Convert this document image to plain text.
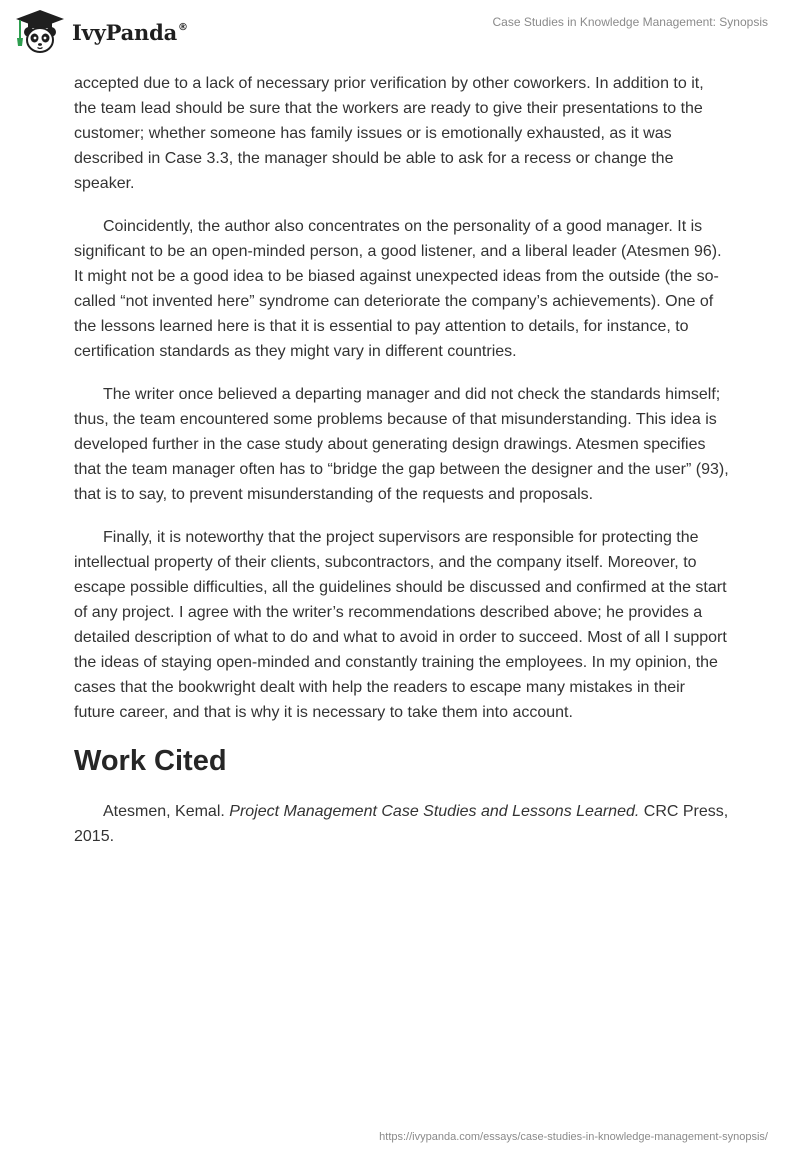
IvyPanda®	Case Studies in Knowledge Management: Synopsis

accepted due to a lack of necessary prior verification by other coworkers. In addition to it, the team lead should be sure that the workers are ready to give their presentations to the customer; whether someone has family issues or is emotionally exhausted, as it was described in Case 3.3, the manager should be able to ask for a recess or change the speaker.

Coincidently, the author also concentrates on the personality of a good manager. It is significant to be an open-minded person, a good listener, and a liberal leader (Atesmen 96). It might not be a good idea to be biased against unexpected ideas from the outside (the so-called “not invented here” syndrome can deteriorate the company’s achievements). One of the lessons learned here is that it is essential to pay attention to details, for instance, to certification standards as they might vary in different countries.

The writer once believed a departing manager and did not check the standards himself; thus, the team encountered some problems because of that misunderstanding. This idea is developed further in the case study about generating design drawings. Atesmen specifies that the team manager often has to “bridge the gap between the designer and the user” (93), that is to say, to prevent misunderstanding of the requests and proposals.

Finally, it is noteworthy that the project supervisors are responsible for protecting the intellectual property of their clients, subcontractors, and the company itself. Moreover, to escape possible difficulties, all the guidelines should be discussed and confirmed at the start of any project. I agree with the writer’s recommendations described above; he provides a detailed description of what to do and what to avoid in order to succeed. Most of all I support the ideas of staying open-minded and constantly training the employees. In my opinion, the cases that the bookwright dealt with help the readers to escape many mistakes in their future career, and that is why it is necessary to take them into account.

Work Cited

Atesmen, Kemal. Project Management Case Studies and Lessons Learned. CRC Press, 2015.

https://ivypanda.com/essays/case-studies-in-knowledge-management-synopsis/
